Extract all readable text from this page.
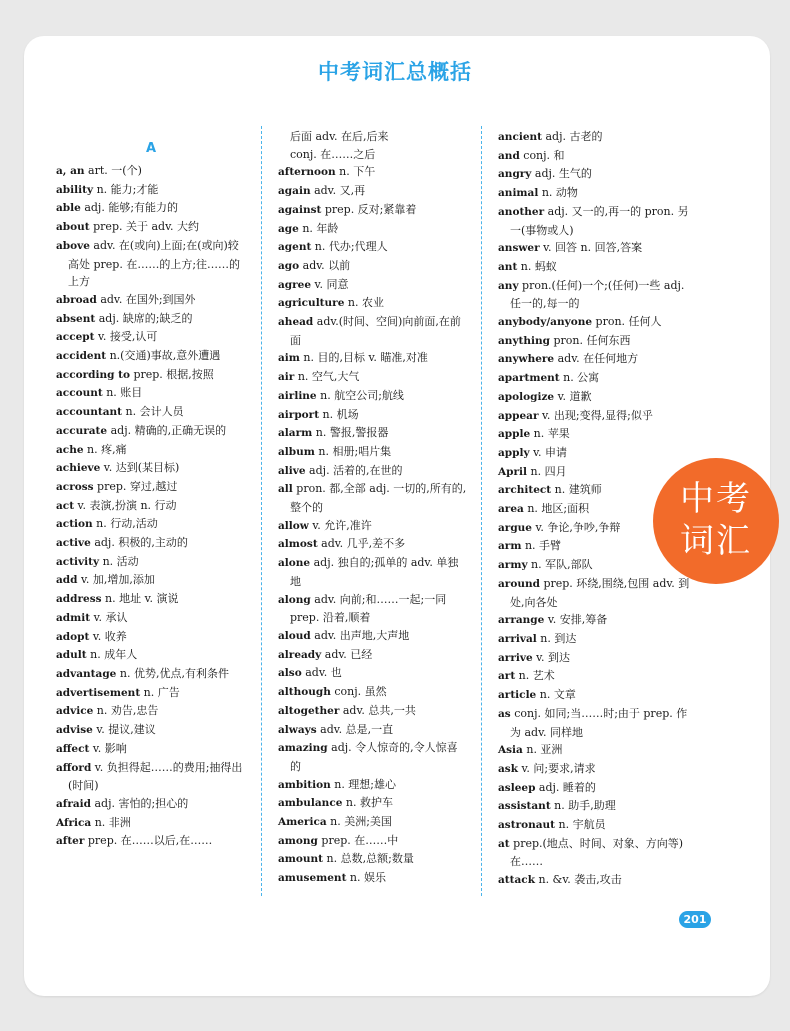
中考词汇总概括
A
a, an art. 一(个)
ability n. 能力;才能
able adj. 能够;有能力的
about prep. 关于 adv. 大约
above adv. 在(或向)上面;在(或向)较高处 prep. 在……的上方;往……的上方
abroad adv. 在国外;到国外
absent adj. 缺席的;缺乏的
accept v. 接受,认可
accident n.(交通)事故,意外遭遇
according to prep. 根据,按照
account n. 账目
accountant n. 会计人员
accurate adj. 精确的,正确无误的
ache n. 疼,痛
achieve v. 达到(某目标)
across prep. 穿过,越过
act v. 表演,扮演 n. 行动
action n. 行动,活动
active adj. 积极的,主动的
activity n. 活动
add v. 加,增加,添加
address n. 地址 v. 演说
admit v. 承认
adopt v. 收养
adult n. 成年人
advantage n. 优势,优点,有利条件
advertisement n. 广告
advice n. 劝告,忠告
advise v. 提议,建议
affect v. 影响
afford v. 负担得起……的费用;抽得出(时间)
afraid adj. 害怕的;担心的
Africa n. 非洲
after prep. 在……以后,在……
后面 adv. 在后,后来
conj. 在……之后
afternoon n. 下午
again adv. 又,再
against prep. 反对;紧靠着
age n. 年龄
agent n. 代办;代理人
ago adv. 以前
agree v. 同意
agriculture n. 农业
ahead adv.(时间、空间)向前面,在前面
aim n. 目的,目标 v. 瞄准,对准
air n. 空气,大气
airline n. 航空公司;航线
airport n. 机场
alarm n. 警报,警报器
album n. 相册;唱片集
alive adj. 活着的,在世的
all pron. 都,全部 adj. 一切的,所有的,整个的
allow v. 允许,准许
almost adv. 几乎,差不多
alone adj. 独自的;孤单的 adv. 单独地
along adv. 向前;和……一起;一同 prep. 沿着,顺着
aloud adv. 出声地,大声地
already adv. 已经
also adv. 也
although conj. 虽然
altogether adv. 总共,一共
always adv. 总是,一直
amazing adj. 令人惊奇的,令人惊喜的
ambition n. 理想;雄心
ambulance n. 救护车
America n. 美洲;美国
among prep. 在……中
amount n. 总数,总额;数量
amusement n. 娱乐
ancient adj. 古老的
and conj. 和
angry adj. 生气的
animal n. 动物
another adj. 又一的,再一的 pron. 另一(事物或人)
answer v. 回答 n. 回答,答案
ant n. 蚂蚁
any pron.(任何)一个;(任何)一些 adj. 任一的,每一的
anybody/anyone pron. 任何人
anything pron. 任何东西
anywhere adv. 在任何地方
apartment n. 公寓
apologize v. 道歉
appear v. 出现;变得,显得;似乎
apple n. 苹果
apply v. 申请
April n. 四月
architect n. 建筑师
area n. 地区;面积
argue v. 争论,争吵,争辩
arm n. 手臂
army n. 军队,部队
around prep. 环绕,围绕,包围 adv. 到处,向各处
arrange v. 安排,筹备
arrival n. 到达
arrive v. 到达
art n. 艺术
article n. 文章
as conj. 如同;当……时;由于 prep. 作为 adv. 同样地
Asia n. 亚洲
ask v. 问;要求,请求
asleep adj. 睡着的
assistant n. 助手,助理
astronaut n. 宇航员
at prep.(地点、时间、对象、方向等)在……
attack n. &v. 袭击,攻击
中考
词汇
201
